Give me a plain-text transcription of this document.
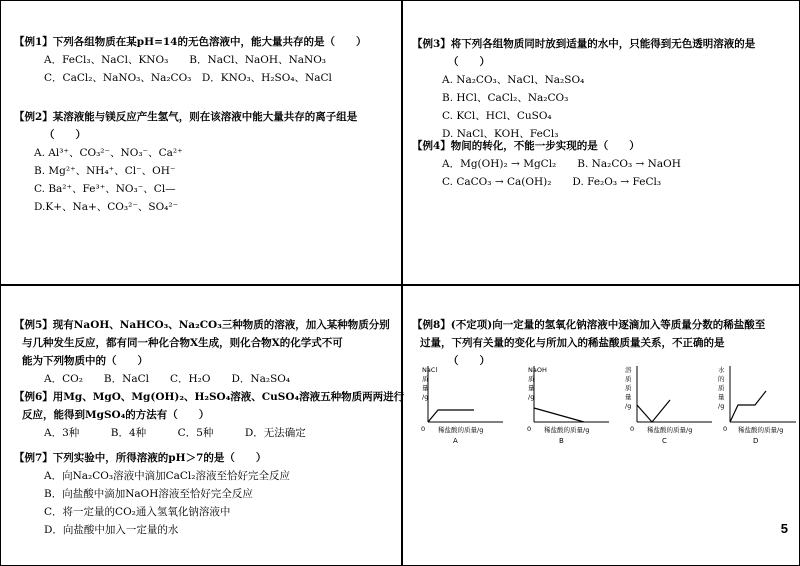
【例1】下列各组物质在某pH=14的无色溶液中，能大量共存的是（　　）
A．FeCl₃、NaCl、KNO₃　　B．NaCl、NaOH、NaNO₃
C．CaCl₂、NaNO₃、Na₂CO₃　D．KNO₃、H₂SO₄、NaCl
【例2】某溶液能与镁反应产生氢气，则在该溶液中能大量共存的离子组是
（　　）
A. Al³⁺、CO₃²⁻、NO₃⁻、Ca²⁺
B. Mg²⁺、NH₄⁺、Cl⁻、OH⁻
C. Ba²⁺、Fe³⁺、NO₃⁻、Cl—
D.K+、Na+、CO₃²⁻、SO₄²⁻
【例3】将下列各组物质同时放到适量的水中，只能得到无色透明溶液的是
（　　）
A. Na₂CO₃、NaCl、Na₂SO₄
B. HCl、CaCl₂、Na₂CO₃
C. KCl、HCl、CuSO₄
D. NaCl、KOH、FeCl₃
【例4】物间的转化，不能一步实现的是（　　）
A．Mg(OH)₂ → MgCl₂　　B. Na₂CO₃ → NaOH
C. CaCO₃ → Ca(OH)₂　　D. Fe₂O₃ → FeCl₃
【例5】现有NaOH、NaHCO₃、Na₂CO₃三种物质的溶液，加入某种物质分别
与几种发生反应，都有同一种化合物X生成，则化合物X的化学式不可
能为下列物质中的（　　）
A．CO₂　　B．NaCl　　C．H₂O　　D．Na₂SO₄
【例6】用Mg、MgO、Mg(OH)₂、H₂SO₄溶液、CuSO₄溶液五种物质两两进行
反应，能得到MgSO₄的方法有（　　）
A．3种　　　B．4种　　　C．5种　　　D．无法确定
【例7】下列实验中，所得溶液的pH＞7的是（　　）
A．向Na₂CO₃溶液中滴加CaCl₂溶液至恰好完全反应
B．向盐酸中滴加NaOH溶液至恰好完全反应
C．将一定量的CO₂通入氢氧化钠溶液中
D．向盐酸中加入一定量的水
【例8】(不定项)向一定量的氢氧化钠溶液中逐滴加入等质量分数的稀盐酸至
过量，下列有关量的变化与所加入的稀盐酸质量关系，不正确的是
（　　）
NaCl
质
量
/g
0 稀盐酸的质量/g
A
NaOH
质
量
/g
0 稀盐酸的质量/g
B
溶
质
质
量
/g
0 稀盐酸的质量/g
C
水
的
质
量
/g
0 稀盐酸的质量/g
D
5
